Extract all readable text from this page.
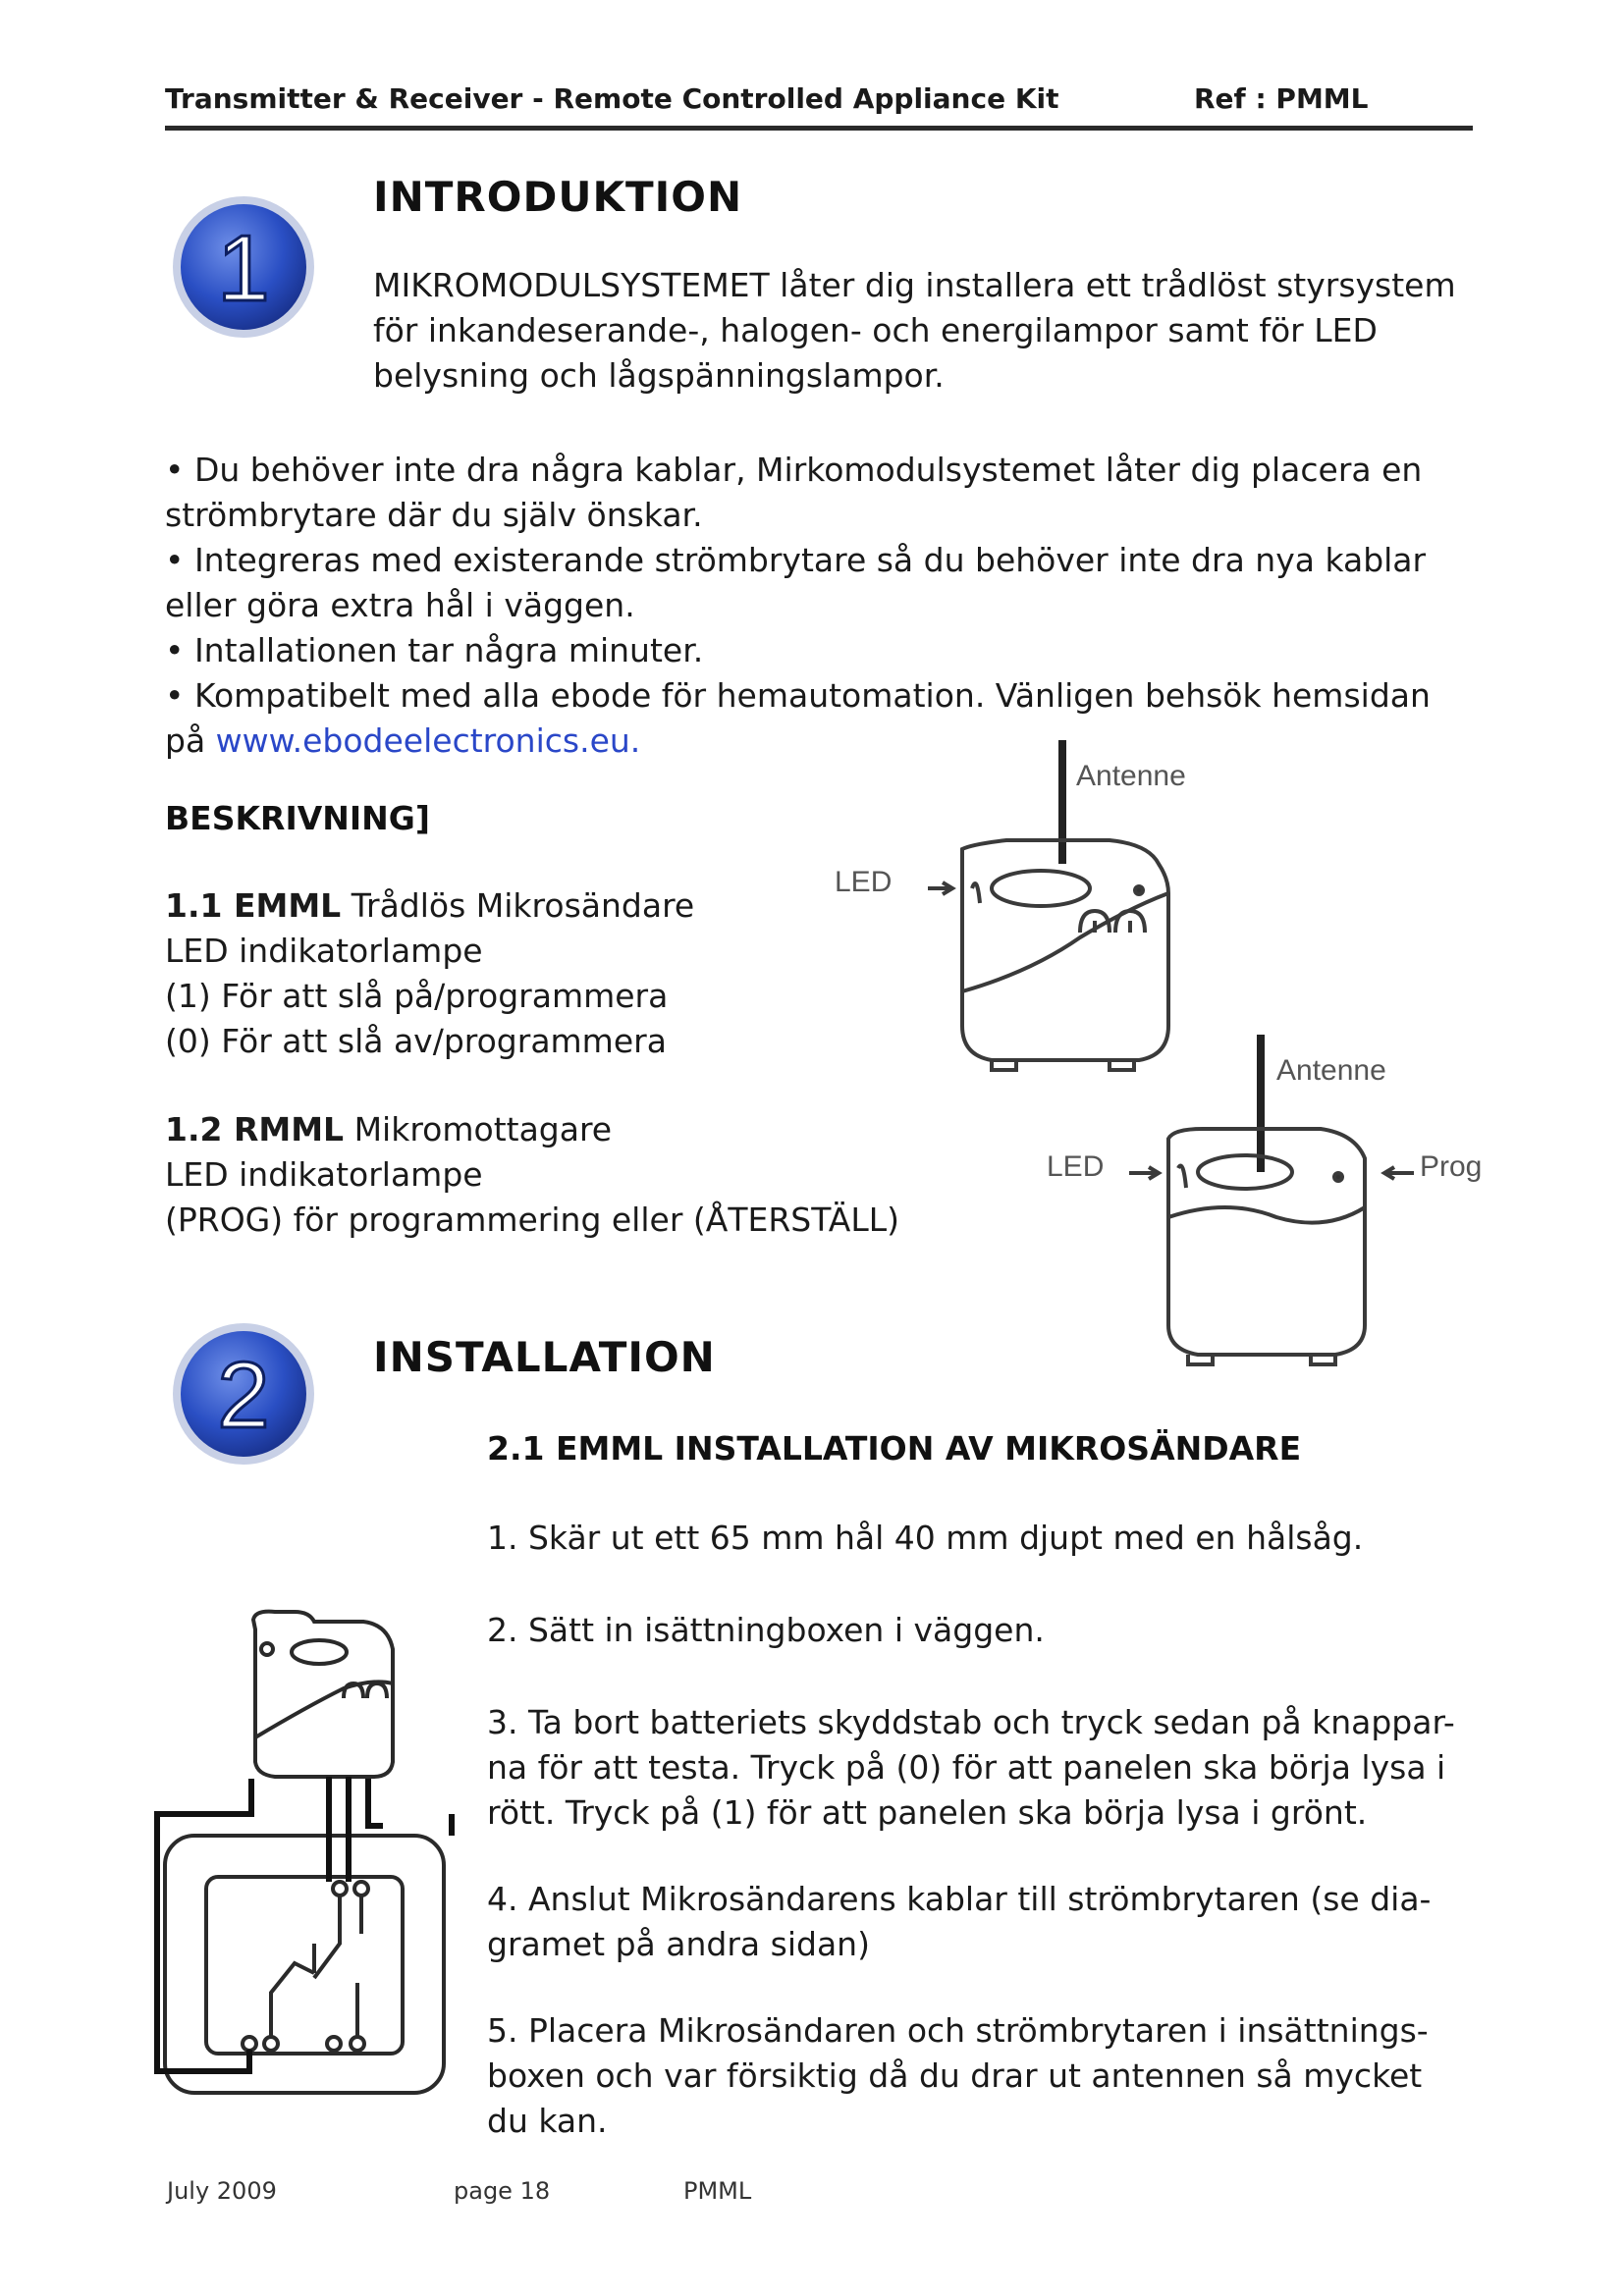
Transmitter & Receiver - Remote Controlled Appliance Kit	Ref : PMML
1
INTRODUKTION
MIKROMODULSYSTEMET låter dig installera ett trådlöst styrsystem
för inkandeserande-, halogen- och energilampor samt för LED
belysning och lågspänningslampor.
• Du behöver inte dra några kablar, Mirkomodulsystemet låter dig placera en
strömbrytare där du själv önskar.
• Integreras med existerande strömbrytare så du behöver inte dra nya kablar
eller göra extra hål i väggen.
• Intallationen tar några minuter.
• Kompatibelt med alla ebode för hemautomation. Vänligen behsök hemsidan
på www.ebodeelectronics.eu.
BESKRIVNING]
1.1 EMML Trådlös Mikrosändare
LED indikatorlampe
(1) För att slå på/programmera
(0) För att slå av/programmera
1.2 RMML Mikromottagare
LED indikatorlampe
(PROG) för programmering eller (ÅTERSTÄLL)
Antenne
LED
Antenne
LED	Prog
2	INSTALLATION
2.1 EMML INSTALLATION AV MIKROSÄNDARE
1. Skär ut ett 65 mm hål 40 mm djupt med en hålsåg.
2. Sätt in isättningboxen i väggen.
3. Ta bort batteriets skyddstab och tryck sedan på knappar-
na för att testa. Tryck på (0) för att panelen ska börja lysa i
rött. Tryck på (1) för att panelen ska börja lysa i grönt.
4. Anslut Mikrosändarens kablar till strömbrytaren (se dia-
gramet på andra sidan)
5. Placera Mikrosändaren och strömbrytaren i insättnings-
boxen och var försiktig då du drar ut antennen så mycket
du kan.
July 2009	page 18	PMML
